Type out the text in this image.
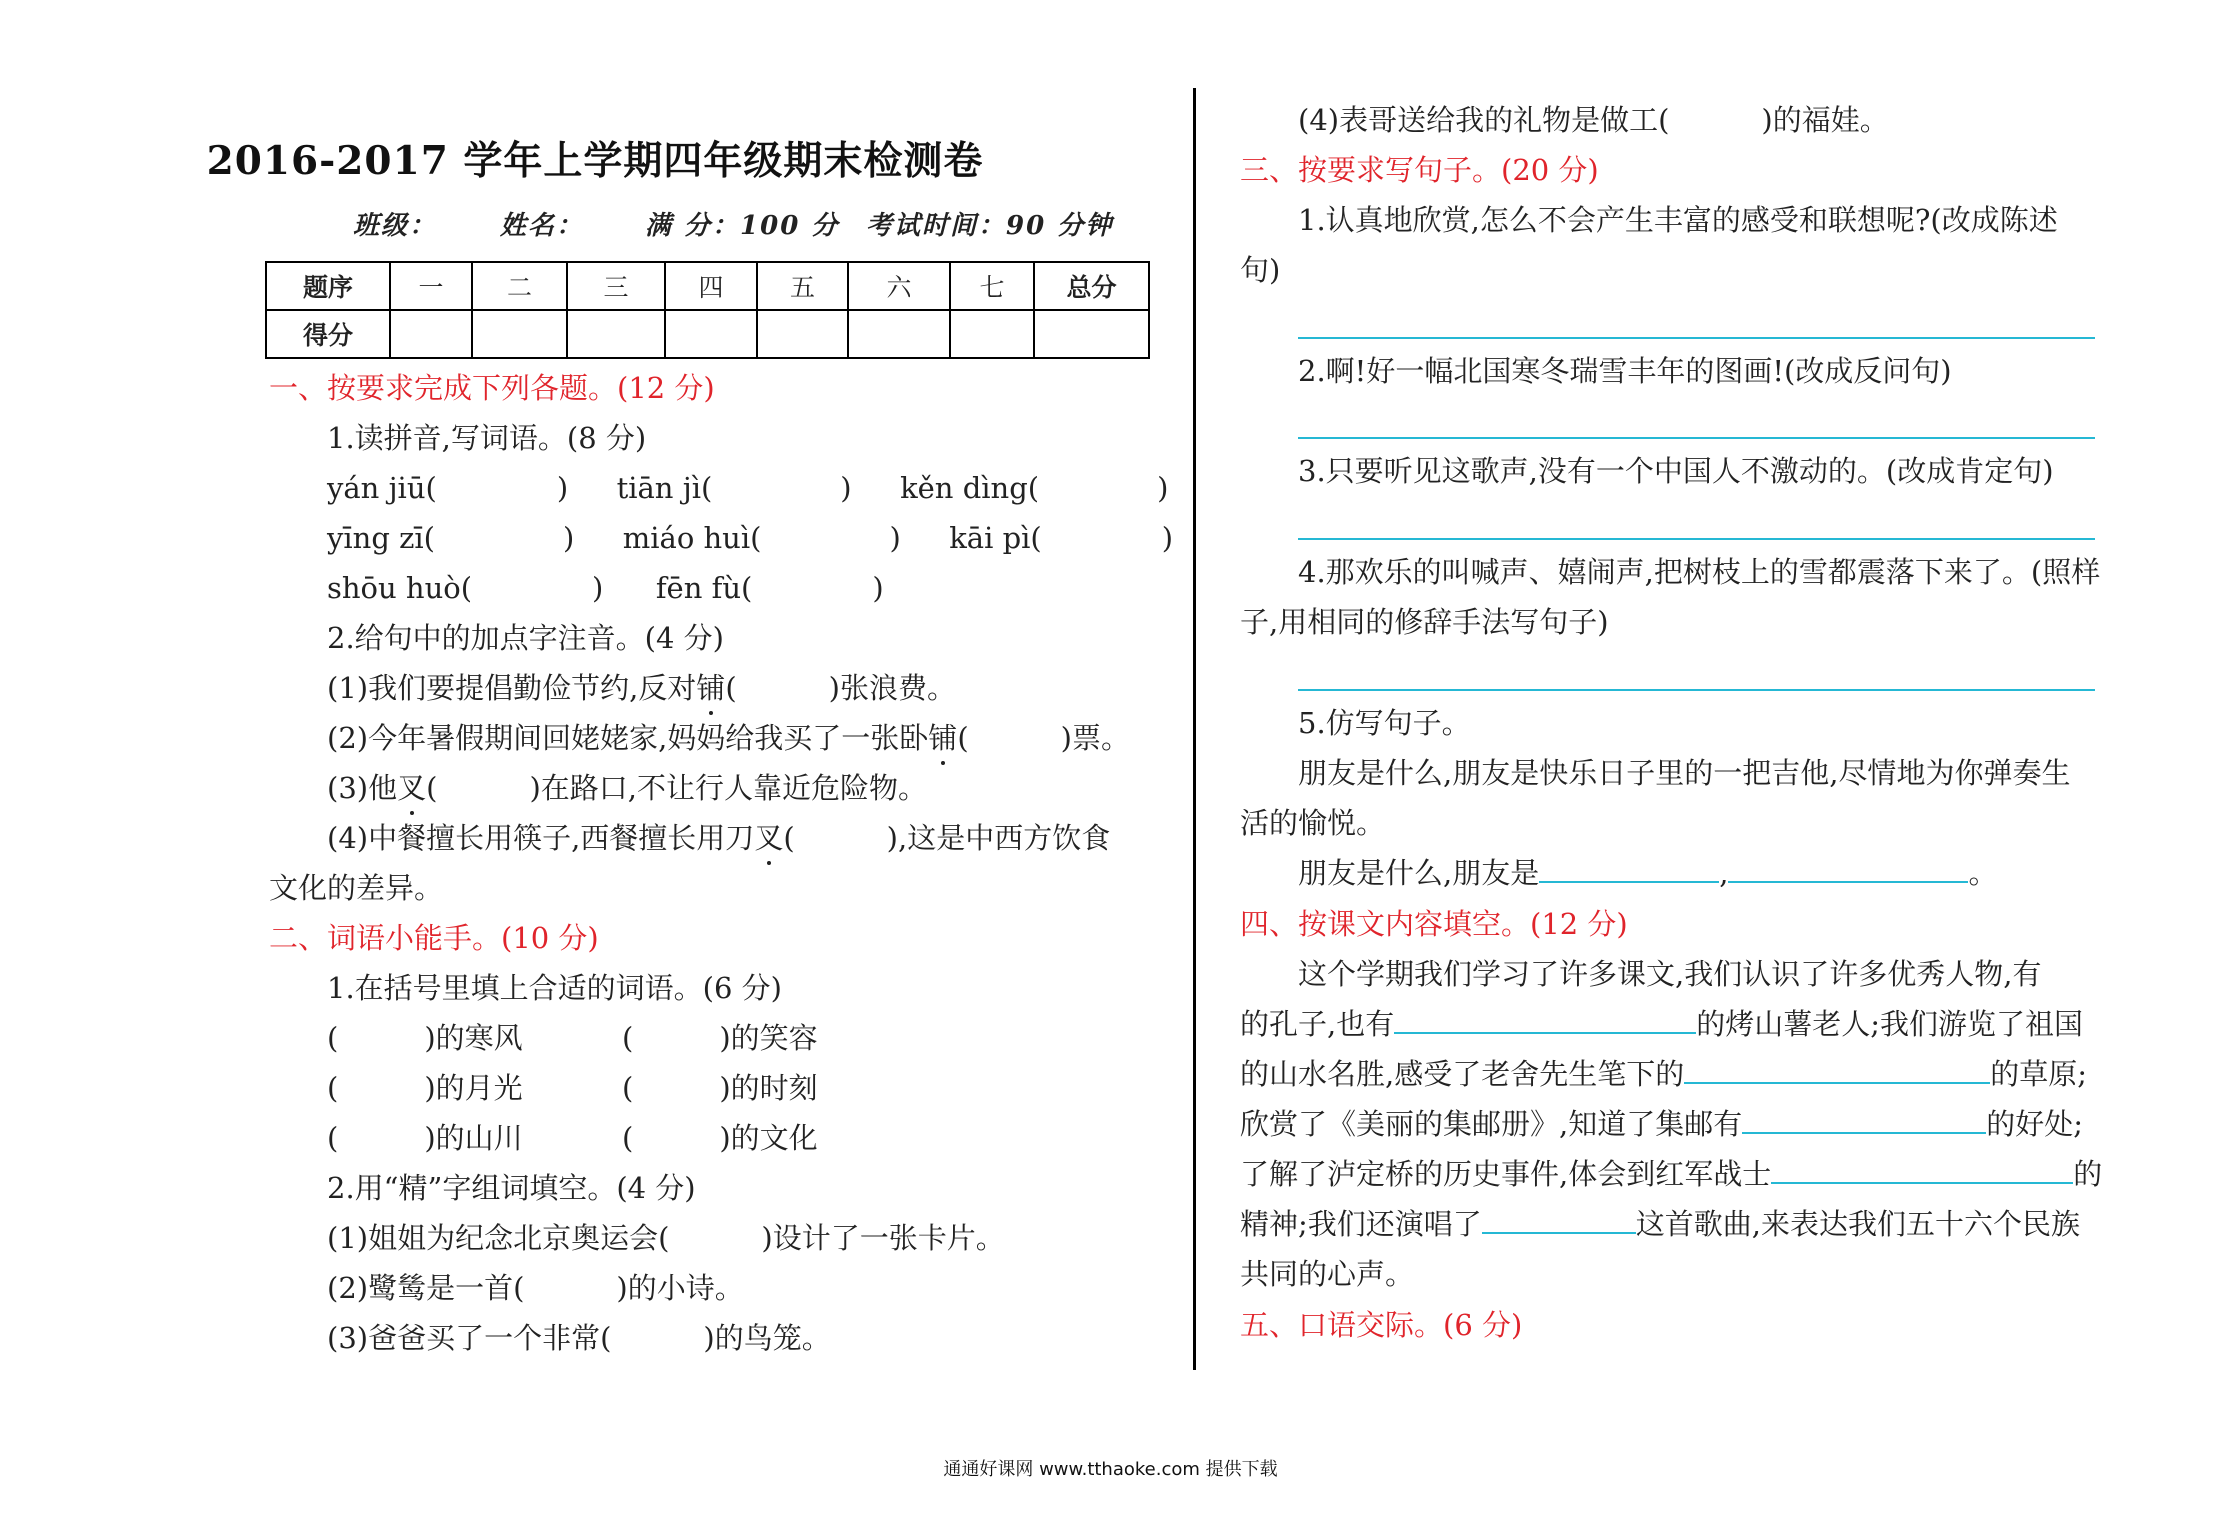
2016-2017 学年上学期四年级期末检测卷
班级： 姓名： 满 分：100 分 考试时间：90 分钟
题序	一	二	三	四	五	六	七	总分
得分								
一、按要求完成下列各题。(12 分)
1.读拼音,写词语。(8 分)
yán jiū(	) tiān jì(	) kěn dìng(	)
yīng zī(	) miáo huì(	) kāi pì(	)
shōu huò(	) fēn fù(	)
2.给句中的加点字注音。(4 分)
(1)我们要提倡勤俭节约,反对铺(	)张浪费。
(2)今年暑假期间回姥姥家,妈妈给我买了一张卧铺(	)票。
(3)他叉(	)在路口,不让行人靠近危险物。
(4)中餐擅长用筷子,西餐擅长用刀叉(	),这是中西方饮食
文化的差异。
二、词语小能手。(10 分)
1.在括号里填上合适的词语。(6 分)
(	)的寒风	(	)的笑容
(	)的月光	(	)的时刻
(	)的山川	(	)的文化
2.用“精”字组词填空。(4 分)
(1)姐姐为纪念北京奥运会(	)设计了一张卡片。
(2)鹭鸶是一首(	)的小诗。
(3)爸爸买了一个非常(	)的鸟笼。
(4)表哥送给我的礼物是做工(	)的福娃。
三、按要求写句子。(20 分)
1.认真地欣赏,怎么不会产生丰富的感受和联想呢?(改成陈述
句)
2.啊!好一幅北国寒冬瑞雪丰年的图画!(改成反问句)
3.只要听见这歌声,没有一个中国人不激动的。(改成肯定句)
4.那欢乐的叫喊声、嬉闹声,把树枝上的雪都震落下来了。(照样
子,用相同的修辞手法写句子)
5.仿写句子。
朋友是什么,朋友是快乐日子里的一把吉他,尽情地为你弹奏生
活的愉悦。
朋友是什么,朋友是	,	。
四、按课文内容填空。(12 分)
这个学期我们学习了许多课文,我们认识了许多优秀人物,有
的孔子,也有	的烤山薯老人;我们游览了祖国
的山水名胜,感受了老舍先生笔下的	的草原;
欣赏了《美丽的集邮册》,知道了集邮有	的好处;
了解了泸定桥的历史事件,体会到红军战士	的
精神;我们还演唱了	这首歌曲,来表达我们五十六个民族
共同的心声。
五、口语交际。(6 分)
通通好课网 www.tthaoke.com 提供下载
